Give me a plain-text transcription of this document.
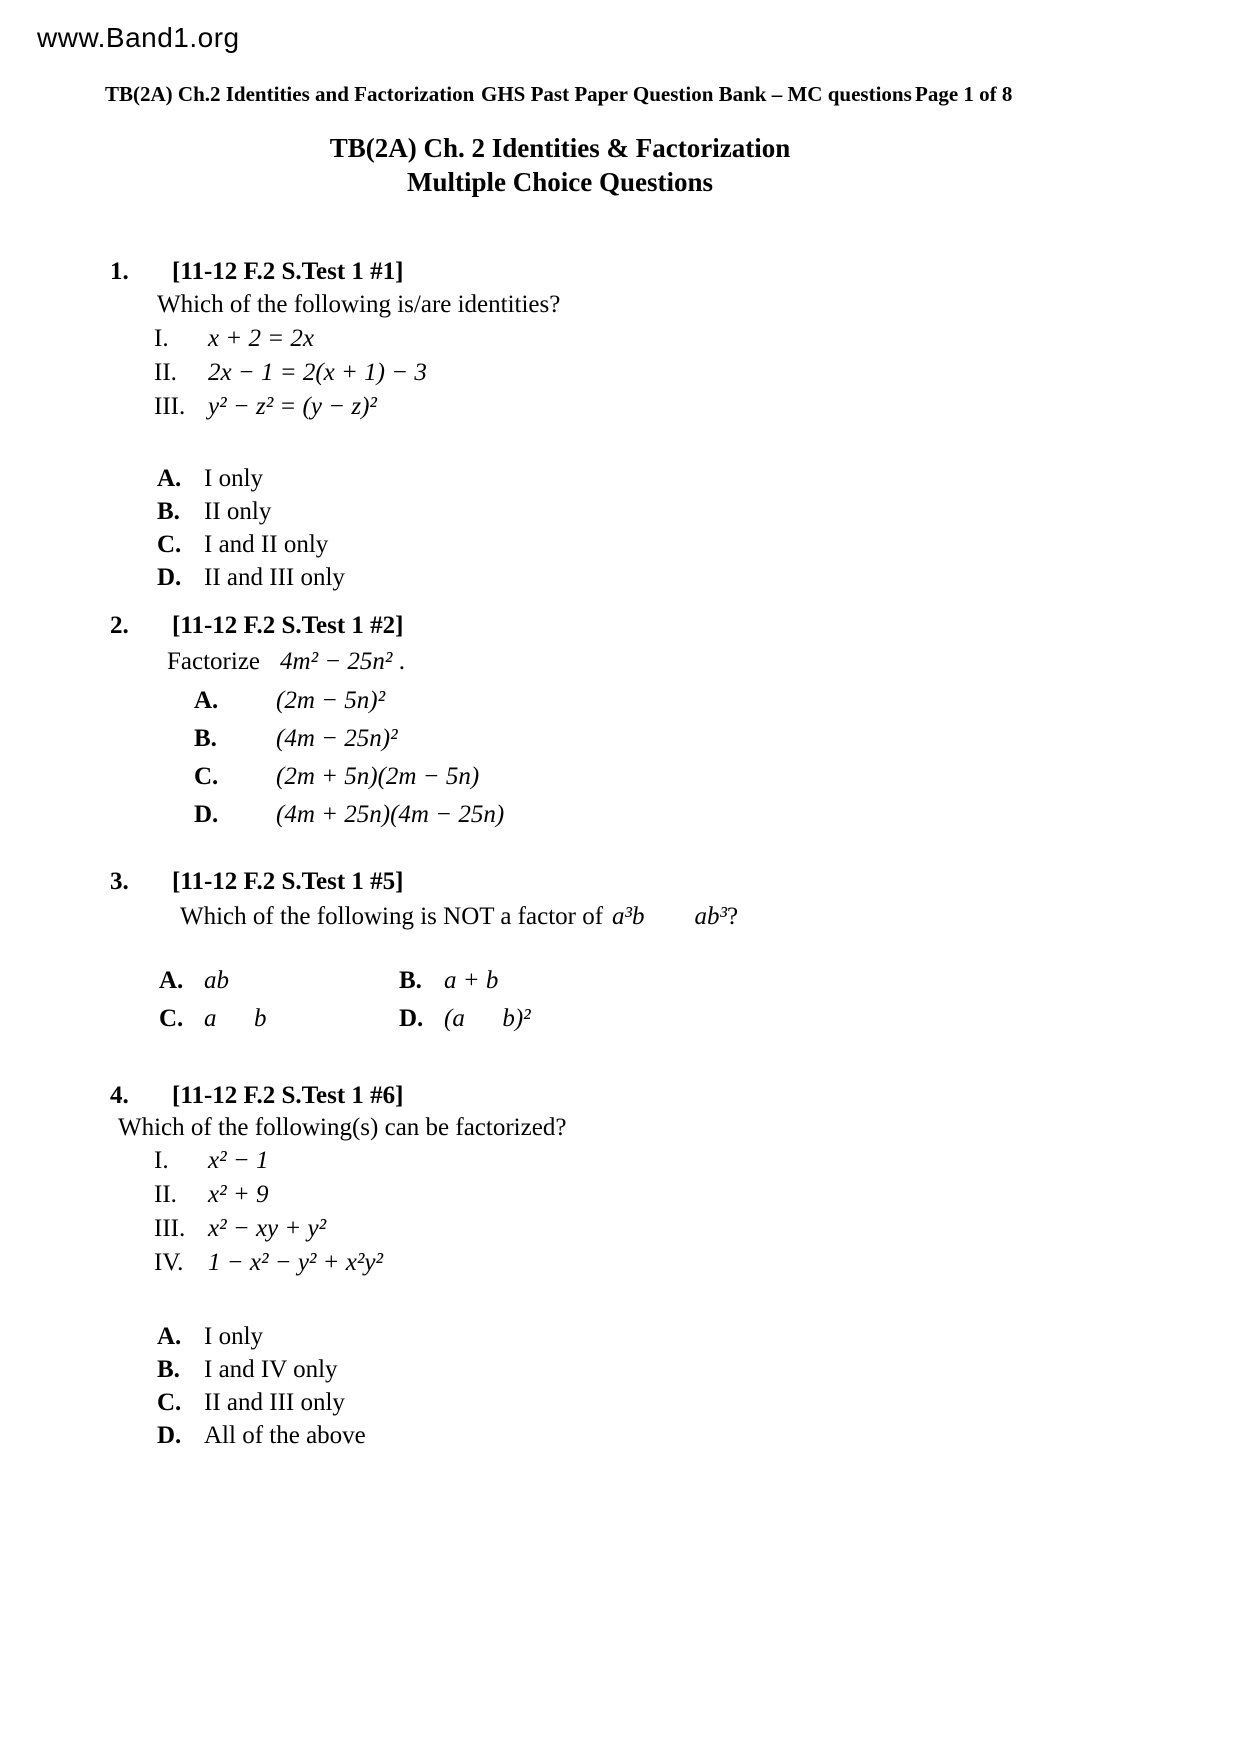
www.Band1.org
TB(2A) Ch.2 Identities and Factorization GHS Past Paper Question Bank – MC questions Page 1 of 8
TB(2A) Ch. 2 Identities & Factorization
Multiple Choice Questions
1. [11-12 F.2 S.Test 1 #1]
Which of the following is/are identities?
I. x + 2 = 2x
II. 2x − 1 = 2(x + 1) − 3
III. y² − z² = (y − z)²
A. I only
B. II only
C. I and II only
D. II and III only
2. [11-12 F.2 S.Test 1 #2]
Factorize 4m² − 25n² .
A. (2m − 5n)²
B. (4m − 25n)²
C. (2m + 5n)(2m − 5n)
D. (4m + 25n)(4m − 25n)
3. [11-12 F.2 S.Test 1 #5]
Which of the following is NOT a factor of a³b  ab³?
A. ab	B. a + b
C. a  b	D. (a  b)²
4. [11-12 F.2 S.Test 1 #6]
Which of the following(s) can be factorized?
I. x² − 1
II. x² + 9
III. x² − xy + y²
IV. 1 − x² − y² + x²y²
A. I only
B. I and IV only
C. II and III only
D. All of the above
